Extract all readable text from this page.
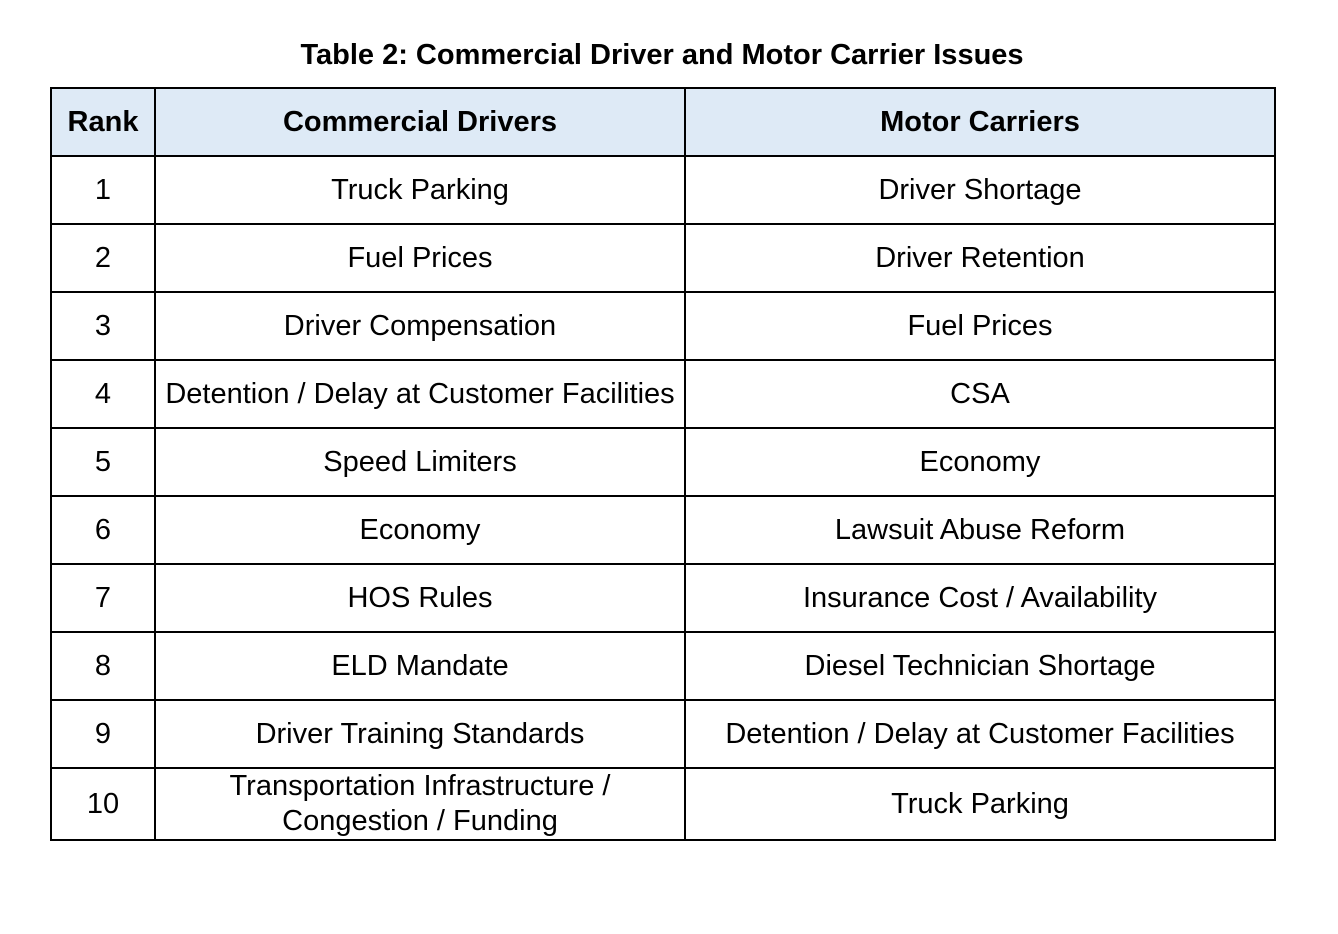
Table 2: Commercial Driver and Motor Carrier Issues
Rank	Commercial Drivers	Motor Carriers
1	Truck Parking	Driver Shortage
2	Fuel Prices	Driver Retention
3	Driver Compensation	Fuel Prices
4	Detention / Delay at Customer Facilities	CSA
5	Speed Limiters	Economy
6	Economy	Lawsuit Abuse Reform
7	HOS Rules	Insurance Cost / Availability
8	ELD Mandate	Diesel Technician Shortage
9	Driver Training Standards	Detention / Delay at Customer Facilities
10	Transportation Infrastructure / Congestion / Funding	Truck Parking
